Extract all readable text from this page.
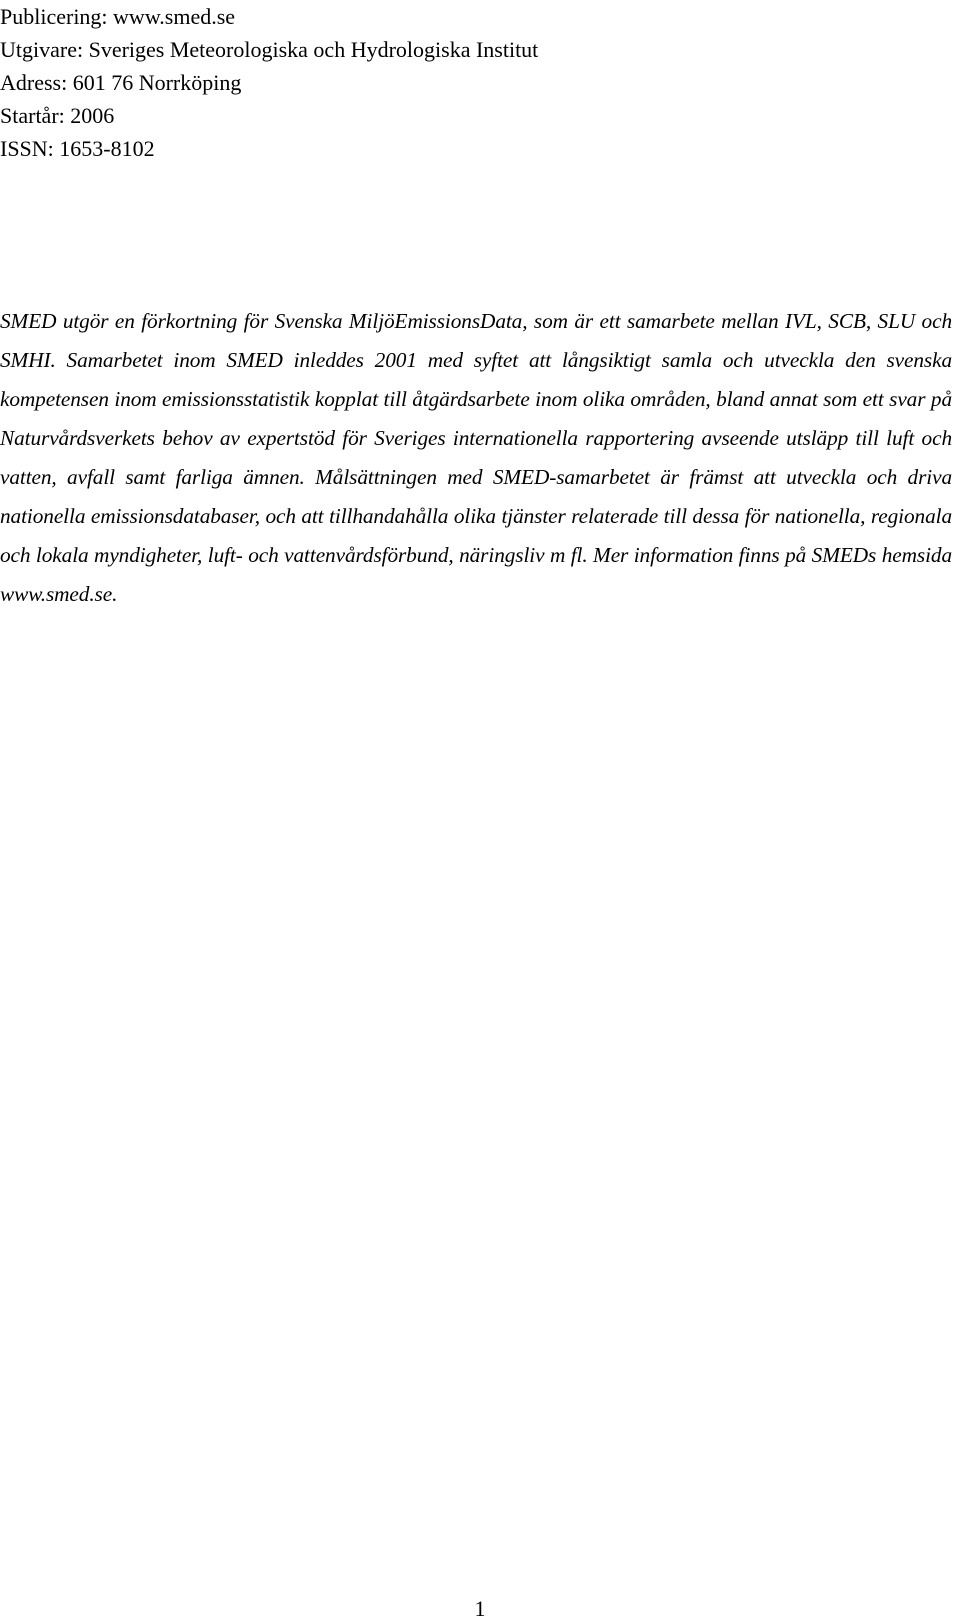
Publicering: www.smed.se
Utgivare: Sveriges Meteorologiska och Hydrologiska Institut
Adress: 601 76 Norrköping
Startår: 2006
ISSN: 1653-8102

SMED utgör en förkortning för Svenska MiljöEmissionsData, som är ett samarbete mellan IVL, SCB, SLU och SMHI. Samarbetet inom SMED inleddes 2001 med syftet att långsiktigt samla och utveckla den svenska kompetensen inom emissionsstatistik kopplat till åtgärdsarbete inom olika områden, bland annat som ett svar på Naturvårdsverkets behov av expertstöd för Sveriges internationella rapportering avseende utsläpp till luft och vatten, avfall samt farliga ämnen. Målsättningen med SMED-samarbetet är främst att utveckla och driva nationella emissionsdatabaser, och att tillhandahålla olika tjänster relaterade till dessa för nationella, regionala och lokala myndigheter, luft- och vattenvårdsförbund, näringsliv m fl. Mer information finns på SMEDs hemsida www.smed.se.

1
